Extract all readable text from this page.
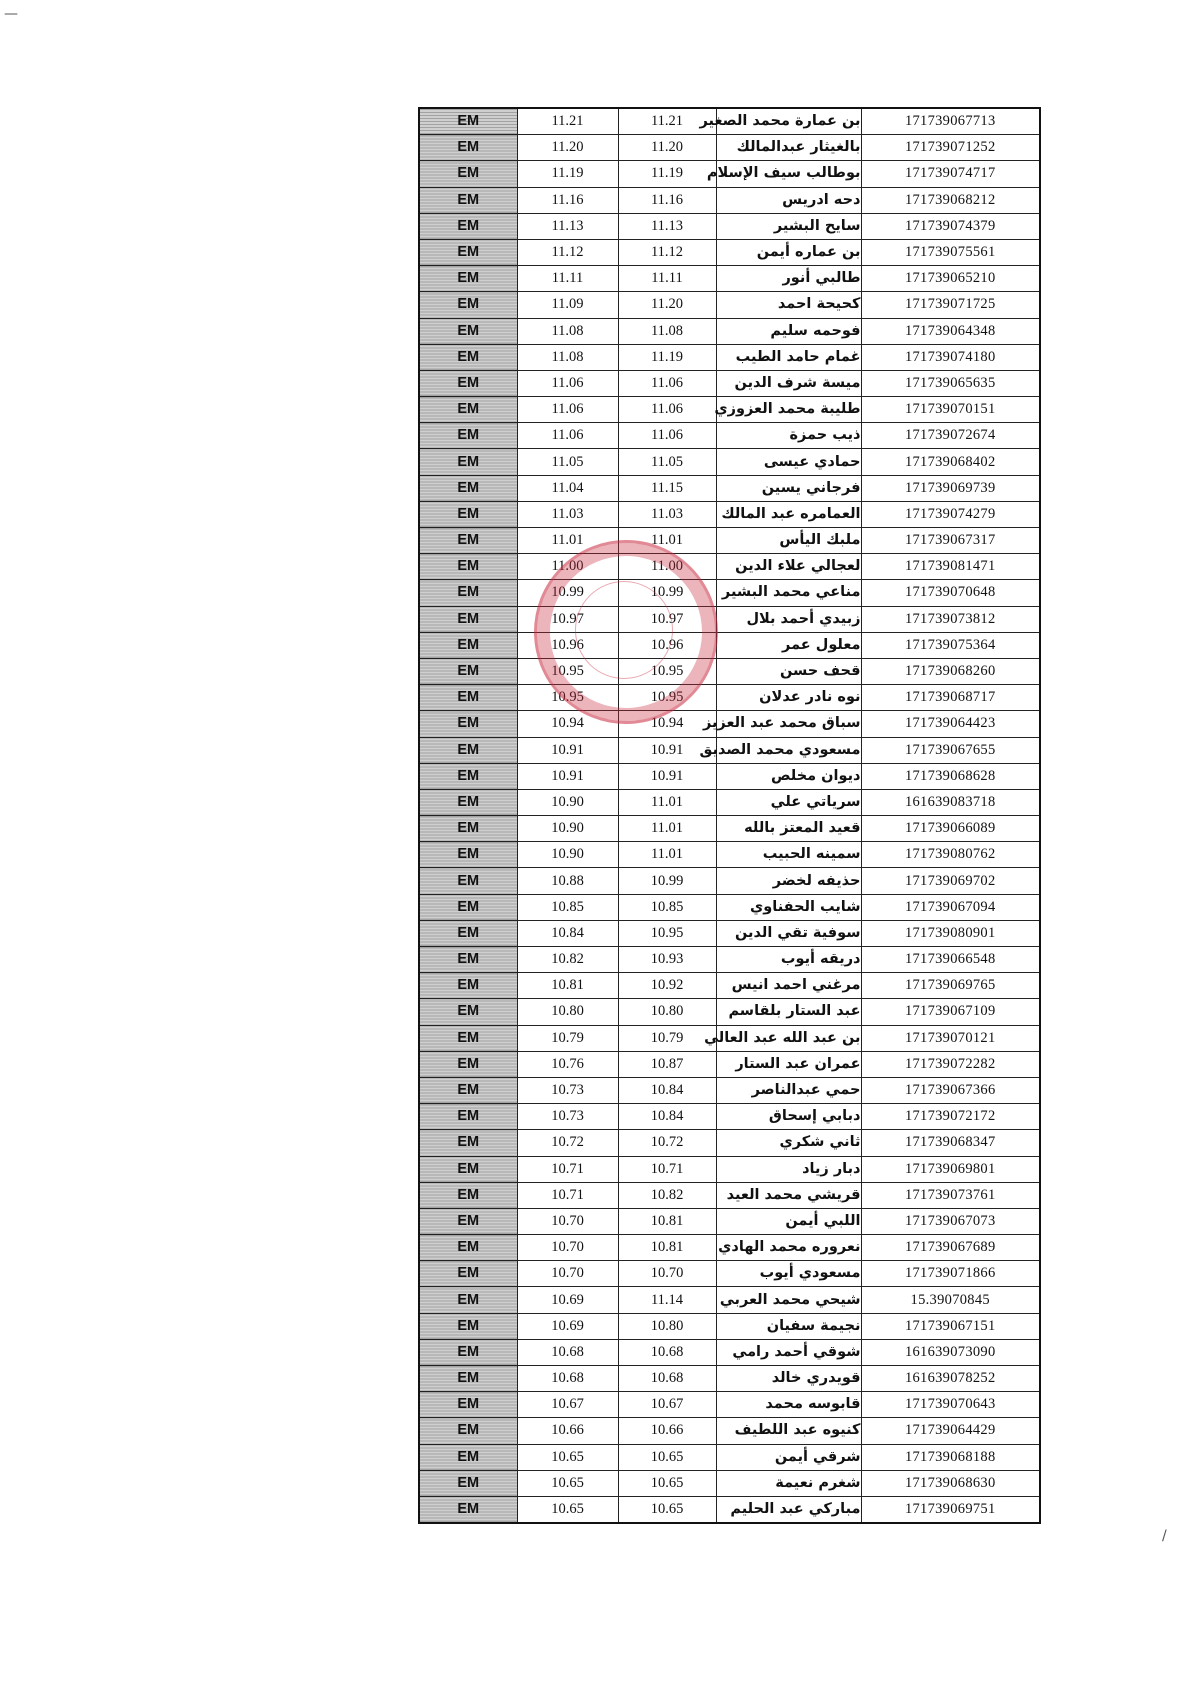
—
/
EM	11.21	11.21	بن عمارة محمد الصغير	171739067713
EM	11.20	11.20	بالغيثار عبدالمالك	171739071252
EM	11.19	11.19	بوطالب سيف الإسلام	171739074717
EM	11.16	11.16	دحه ادريس	171739068212
EM	11.13	11.13	سايح البشير	171739074379
EM	11.12	11.12	بن عماره أيمن	171739075561
EM	11.11	11.11	طالبي أنور	171739065210
EM	11.09	11.20	كحيحة احمد	171739071725
EM	11.08	11.08	فوحمه سليم	171739064348
EM	11.08	11.19	غمام حامد الطيب	171739074180
EM	11.06	11.06	ميسة شرف الدين	171739065635
EM	11.06	11.06	طليبة محمد العزوزي	171739070151
EM	11.06	11.06	ذيب حمزة	171739072674
EM	11.05	11.05	حمادي عيسى	171739068402
EM	11.04	11.15	فرجاني يسين	171739069739
EM	11.03	11.03	العمامره عبد المالك	171739074279
EM	11.01	11.01	ملبك اليأس	171739067317
EM	11.00	11.00	لعجالي علاء الدين	171739081471
EM	10.99	10.99	مناعي محمد البشير	171739070648
EM	10.97	10.97	زبيدي أحمد بلال	171739073812
EM	10.96	10.96	معلول عمر	171739075364
EM	10.95	10.95	قحف حسن	171739068260
EM	10.95	10.95	نوه نادر عدلان	171739068717
EM	10.94	10.94	سباق محمد عبد العزيز	171739064423
EM	10.91	10.91	مسعودي محمد الصديق	171739067655
EM	10.91	10.91	ديوان مخلص	171739068628
EM	10.90	11.01	سرياتي علي	161639083718
EM	10.90	11.01	قعيد المعتز بالله	171739066089
EM	10.90	11.01	سمينه الحبيب	171739080762
EM	10.88	10.99	حذيفه لخضر	171739069702
EM	10.85	10.85	شايب الحفناوي	171739067094
EM	10.84	10.95	سوفية تقي الدين	171739080901
EM	10.82	10.93	دريقه أيوب	171739066548
EM	10.81	10.92	مرغني احمد انيس	171739069765
EM	10.80	10.80	عبد الستار بلقاسم	171739067109
EM	10.79	10.79	بن عبد الله عبد العالي	171739070121
EM	10.76	10.87	عمران عبد الستار	171739072282
EM	10.73	10.84	حمي عبدالناصر	171739067366
EM	10.73	10.84	دبابي إسحاق	171739072172
EM	10.72	10.72	ثاني شكري	171739068347
EM	10.71	10.71	دبار زياد	171739069801
EM	10.71	10.82	قريشي محمد العيد	171739073761
EM	10.70	10.81	اللبي أيمن	171739067073
EM	10.70	10.81	نعروره محمد الهادي	171739067689
EM	10.70	10.70	مسعودي أيوب	171739071866
EM	10.69	11.14	شيحي محمد العربي	15.39070845
EM	10.69	10.80	نجيمة سفيان	171739067151
EM	10.68	10.68	شوقي أحمد رامي	161639073090
EM	10.68	10.68	قويدري خالد	161639078252
EM	10.67	10.67	قابوسه محمد	171739070643
EM	10.66	10.66	كنيوه عبد اللطيف	171739064429
EM	10.65	10.65	شرقي أيمن	171739068188
EM	10.65	10.65	شغرم نعيمة	171739068630
EM	10.65	10.65	مباركي عبد الحليم	171739069751
